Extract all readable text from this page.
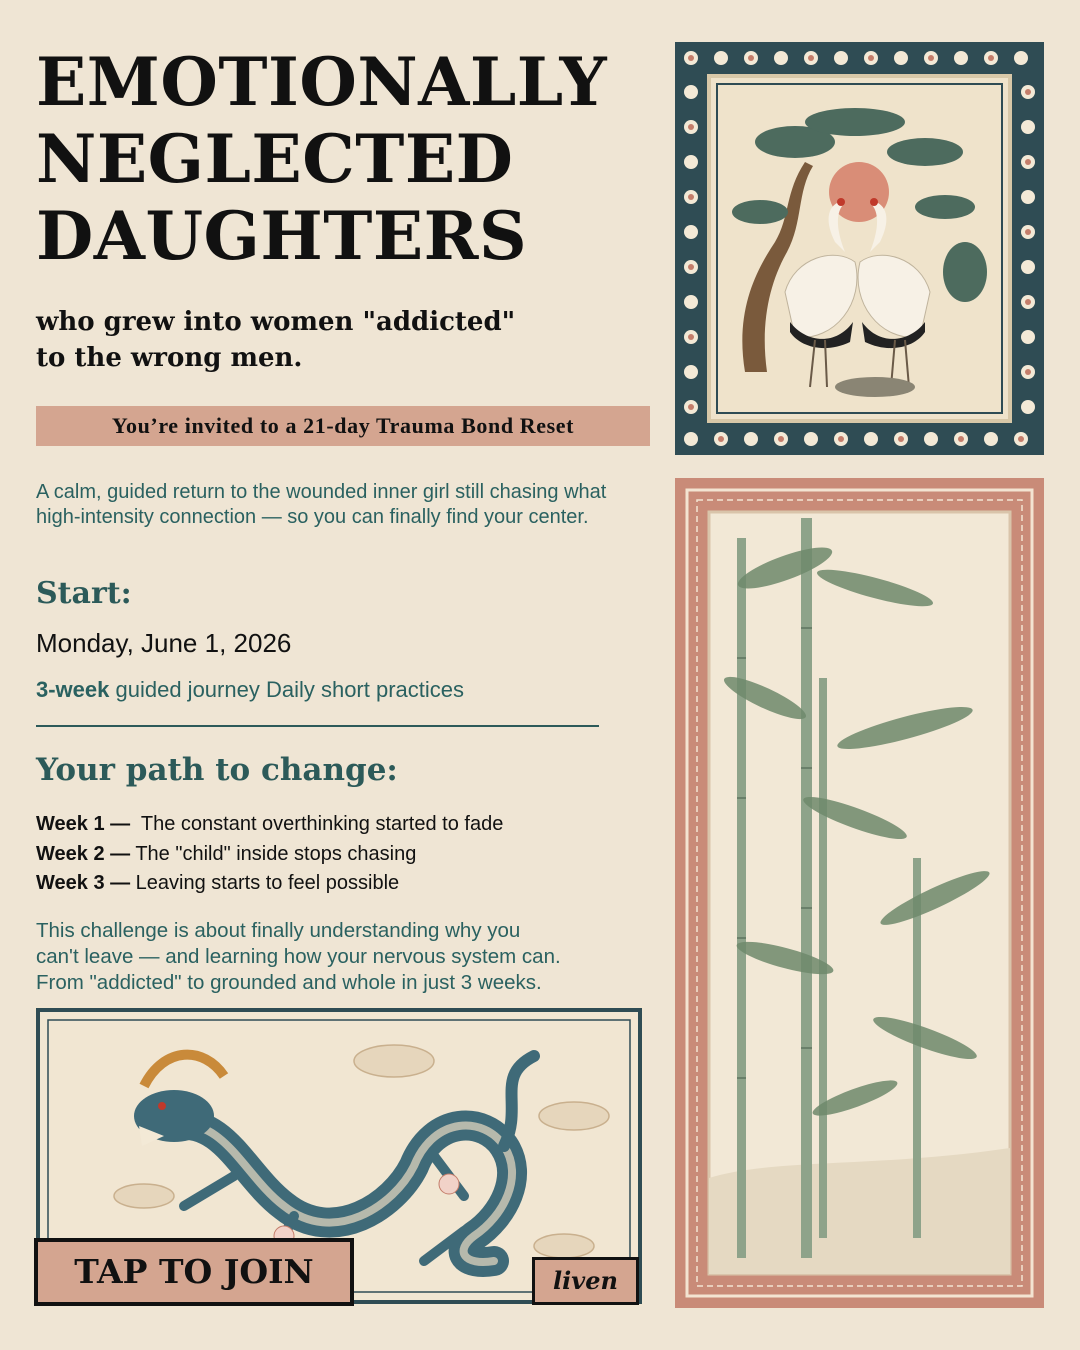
EMOTIONALLY
NEGLECTED
DAUGHTERS
who grew into women "addicted"
to the wrong men.
You’re invited to a 21-day Trauma Bond Reset
A calm, guided return to the wounded inner girl still chasing what high-intensity connection — so you can finally find your center.
Start:
Monday, June 1, 2026
3-week guided journey Daily short practices
Your path to change:
Week 1 —  The constant overthinking started to fade
Week 2 — The "child" inside stops chasing
Week 3 — Leaving starts to feel possible
This challenge is about finally understanding why you
can't leave — and learning how your nervous system can.
From "addicted" to grounded and whole in just 3 weeks.
TAP TO JOIN	liven
